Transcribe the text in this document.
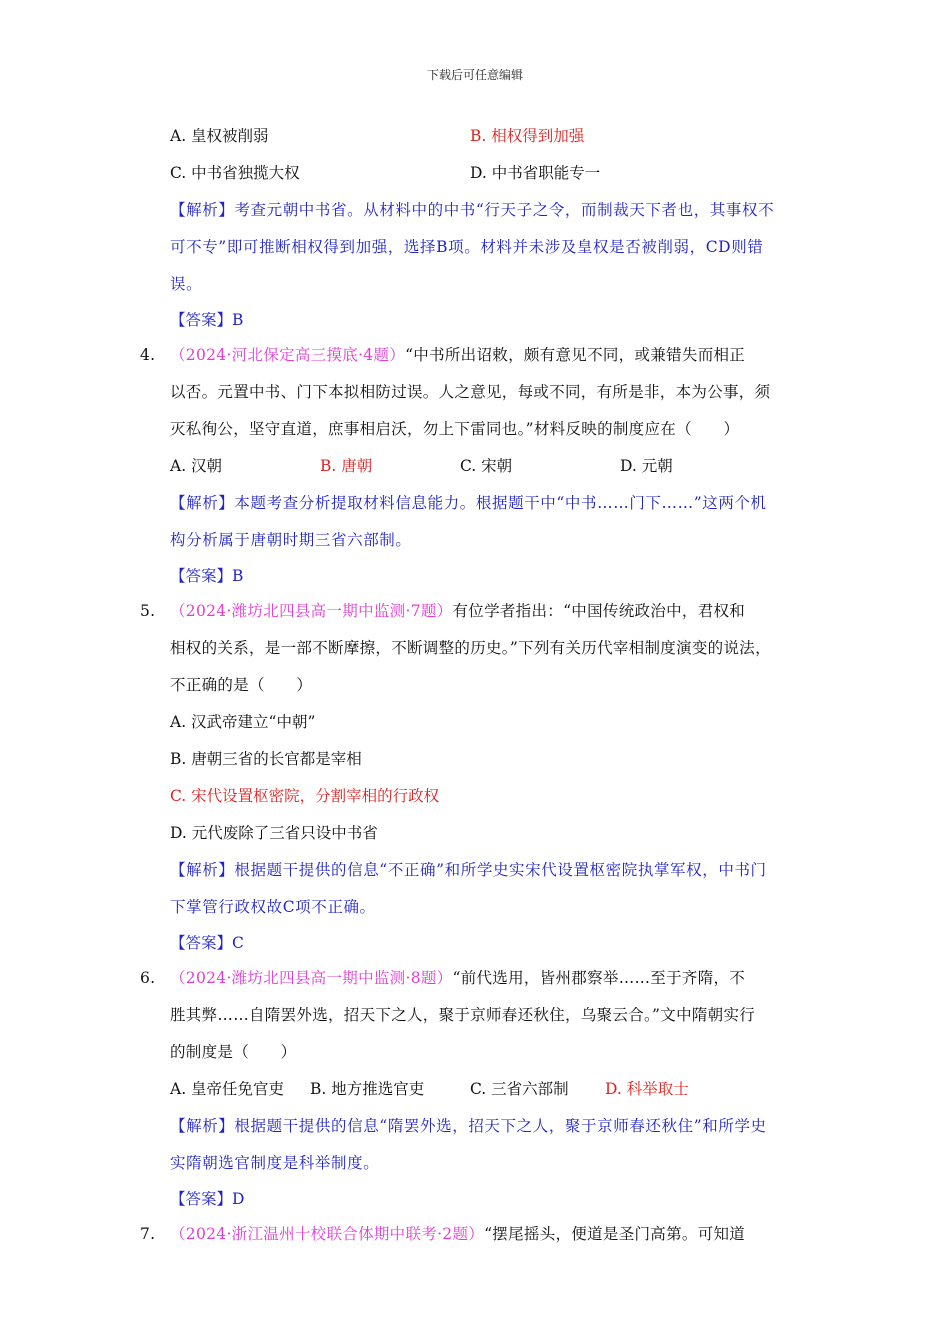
下载后可任意编辑
A. 皇权被削弱	B. 相权得到加强
C. 中书省独揽大权	D. 中书省职能专一
【解析】考查元朝中书省。从材料中的中书“行天子之令，而制裁天下者也，其事权不
可不专”即可推断相权得到加强，选择B项。材料并未涉及皇权是否被削弱，CD则错
误。
【答案】B
4. （2024·河北保定高三摸底·4题）“中书所出诏敕，颇有意见不同，或兼错失而相正
以否。元置中书、门下本拟相防过误。人之意见，每或不同，有所是非，本为公事，须
灭私徇公，坚守直道，庶事相启沃，勿上下雷同也。”材料反映的制度应在（　　）
A. 汉朝	B. 唐朝	C. 宋朝	D. 元朝
【解析】本题考查分析提取材料信息能力。根据题干中“中书……门下……”这两个机
构分析属于唐朝时期三省六部制。
【答案】B
5. （2024·潍坊北四县高一期中监测·7题）有位学者指出：“中国传统政治中，君权和
相权的关系，是一部不断摩擦，不断调整的历史。”下列有关历代宰相制度演变的说法，
不正确的是（　　）
A. 汉武帝建立“中朝”
B. 唐朝三省的长官都是宰相
C. 宋代设置枢密院，分割宰相的行政权
D. 元代废除了三省只设中书省
【解析】根据题干提供的信息“不正确”和所学史实宋代设置枢密院执掌军权，中书门
下掌管行政权故C项不正确。
【答案】C
6. （2024·潍坊北四县高一期中监测·8题）“前代选用，皆州郡察举……至于齐隋，不
胜其弊……自隋罢外选，招天下之人，聚于京师春还秋住，乌聚云合。”文中隋朝实行
的制度是（　　）
A. 皇帝任免官吏 B. 地方推选官吏	C. 三省六部制 D. 科举取士
【解析】根据题干提供的信息“隋罢外选，招天下之人，聚于京师春还秋住”和所学史
实隋朝选官制度是科举制度。
【答案】D
7. （2024·浙江温州十校联合体期中联考·2题）“摆尾摇头，便道是圣门高第。可知道
